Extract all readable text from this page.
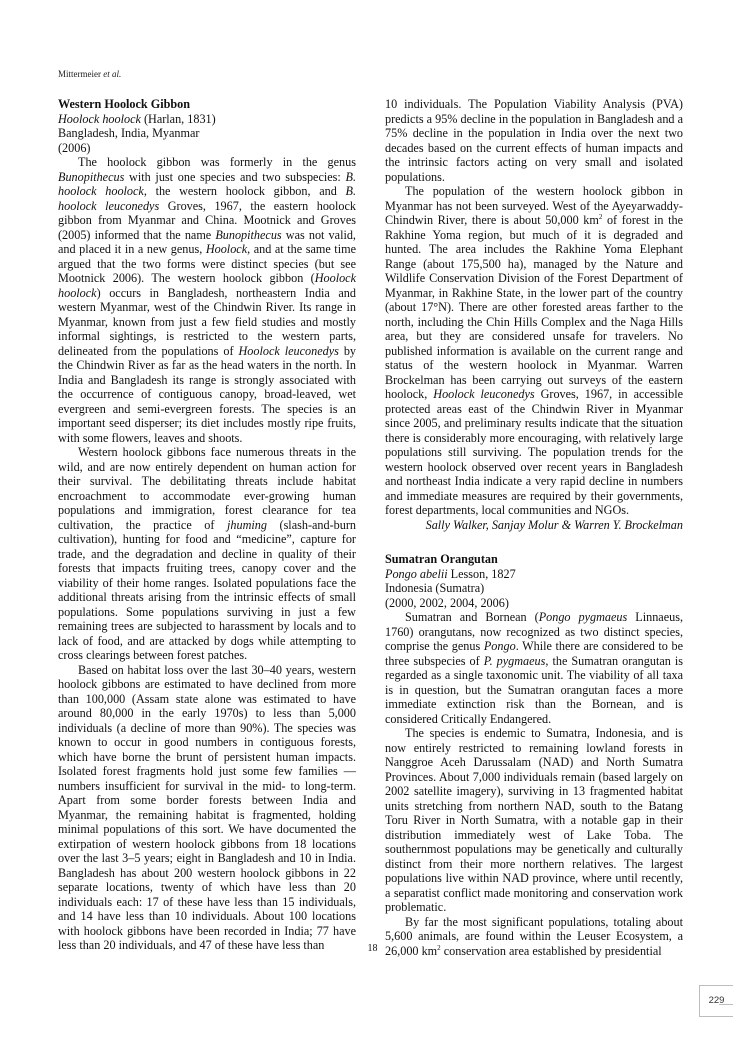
Mittermeier et al.

Western Hoolock Gibbon

Hoolock hoolock (Harlan, 1831)

Bangladesh, India, Myanmar

(2006)

The hoolock gibbon was formerly in the genus Bunopithecus with just one species and two subspecies: B. hoolock hoolock, the western hoolock gibbon, and B. hoolock leuconedys Groves, 1967, the eastern hoolock gibbon from Myanmar and China. Mootnick and Groves (2005) informed that the name Bunopithecus was not valid, and placed it in a new genus, Hoolock, and at the same time argued that the two forms were distinct species (but see Mootnick 2006). The western hoolock gibbon (Hoolock hoolock) occurs in Bangladesh, northeastern India and western Myanmar, west of the Chindwin River. Its range in Myanmar, known from just a few field studies and mostly informal sightings, is restricted to the western parts, delineated from the populations of Hoolock leuconedys by the Chindwin River as far as the head waters in the north. In India and Bangladesh its range is strongly associated with the occurrence of contiguous canopy, broad-leaved, wet evergreen and semi-evergreen forests. The species is an important seed disperser; its diet includes mostly ripe fruits, with some flowers, leaves and shoots.

Western hoolock gibbons face numerous threats in the wild, and are now entirely dependent on human action for their survival. The debilitating threats include habitat encroachment to accommodate ever-growing human populations and immigration, forest clearance for tea cultivation, the practice of jhuming (slash-and-burn cultivation), hunting for food and “medicine”, capture for trade, and the degradation and decline in quality of their forests that impacts fruiting trees, canopy cover and the viability of their home ranges. Isolated populations face the additional threats arising from the intrinsic effects of small populations. Some populations surviving in just a few remaining trees are subjected to harassment by locals and to lack of food, and are attacked by dogs while attempting to cross clearings between forest patches.

Based on habitat loss over the last 30–40 years, western hoolock gibbons are estimated to have declined from more than 100,000 (Assam state alone was estimated to have around 80,000 in the early 1970s) to less than 5,000 individuals (a decline of more than 90%). The species was known to occur in good numbers in contiguous forests, which have borne the brunt of persistent human impacts. Isolated forest fragments hold just some few families — numbers insufficient for survival in the mid- to long-term. Apart from some border forests between India and Myanmar, the remaining habitat is fragmented, holding minimal populations of this sort. We have documented the extirpation of western hoolock gibbons from 18 locations over the last 3–5 years; eight in Bangladesh and 10 in India. Bangladesh has about 200 western hoolock gibbons in 22 separate locations, twenty of which have less than 20 individuals each: 17 of these have less than 15 individuals, and 14 have less than 10 individuals. About 100 locations with hoolock gibbons have been recorded in India; 77 have less than 20 individuals, and 47 of these have less than

10 individuals. The Population Viability Analysis (PVA) predicts a 95% decline in the population in Bangladesh and a 75% decline in the population in India over the next two decades based on the current effects of human impacts and the intrinsic factors acting on very small and isolated populations.

The population of the western hoolock gibbon in Myanmar has not been surveyed. West of the Ayeyarwaddy-Chindwin River, there is about 50,000 $km^2$ of forest in the Rakhine Yoma region, but much of it is degraded and hunted. The area includes the Rakhine Yoma Elephant Range (about 175,500 ha), managed by the Nature and Wildlife Conservation Division of the Forest Department of Myanmar, in Rakhine State, in the lower part of the country (about 17°N). There are other forested areas farther to the north, including the Chin Hills Complex and the Naga Hills area, but they are considered unsafe for travelers. No published information is available on the current range and status of the western hoolock in Myanmar. Warren Brockelman has been carrying out surveys of the eastern hoolock, Hoolock leuconedys Groves, 1967, in accessible protected areas east of the Chindwin River in Myanmar since 2005, and preliminary results indicate that the situation there is considerably more encouraging, with relatively large populations still surviving. The population trends for the western hoolock observed over recent years in Bangladesh and northeast India indicate a very rapid decline in numbers and immediate measures are required by their governments, forest departments, local communities and NGOs.

Sally Walker, Sanjay Molur & Warren Y. Brockelman

Sumatran Orangutan

Pongo abelii Lesson, 1827

Indonesia (Sumatra)

(2000, 2002, 2004, 2006)

Sumatran and Bornean (Pongo pygmaeus Linnaeus, 1760) orangutans, now recognized as two distinct species, comprise the genus Pongo. While there are considered to be three subspecies of P. pygmaeus, the Sumatran orangutan is regarded as a single taxonomic unit. The viability of all taxa is in question, but the Sumatran orangutan faces a more immediate extinction risk than the Bornean, and is considered Critically Endangered.

The species is endemic to Sumatra, Indonesia, and is now entirely restricted to remaining lowland forests in Nanggroe Aceh Darussalam (NAD) and North Sumatra Provinces. About 7,000 individuals remain (based largely on 2002 satellite imagery), surviving in 13 fragmented habitat units stretching from northern NAD, south to the Batang Toru River in North Sumatra, with a notable gap in their distribution immediately west of Lake Toba. The southernmost populations may be genetically and culturally distinct from their more northern relatives. The largest populations live within NAD province, where until recently, a separatist conflict made monitoring and conservation work problematic.

By far the most significant populations, totaling about 5,600 animals, are found within the Leuser Ecosystem, a 26,000 $km^2$ conservation area established by presidential

18
229
